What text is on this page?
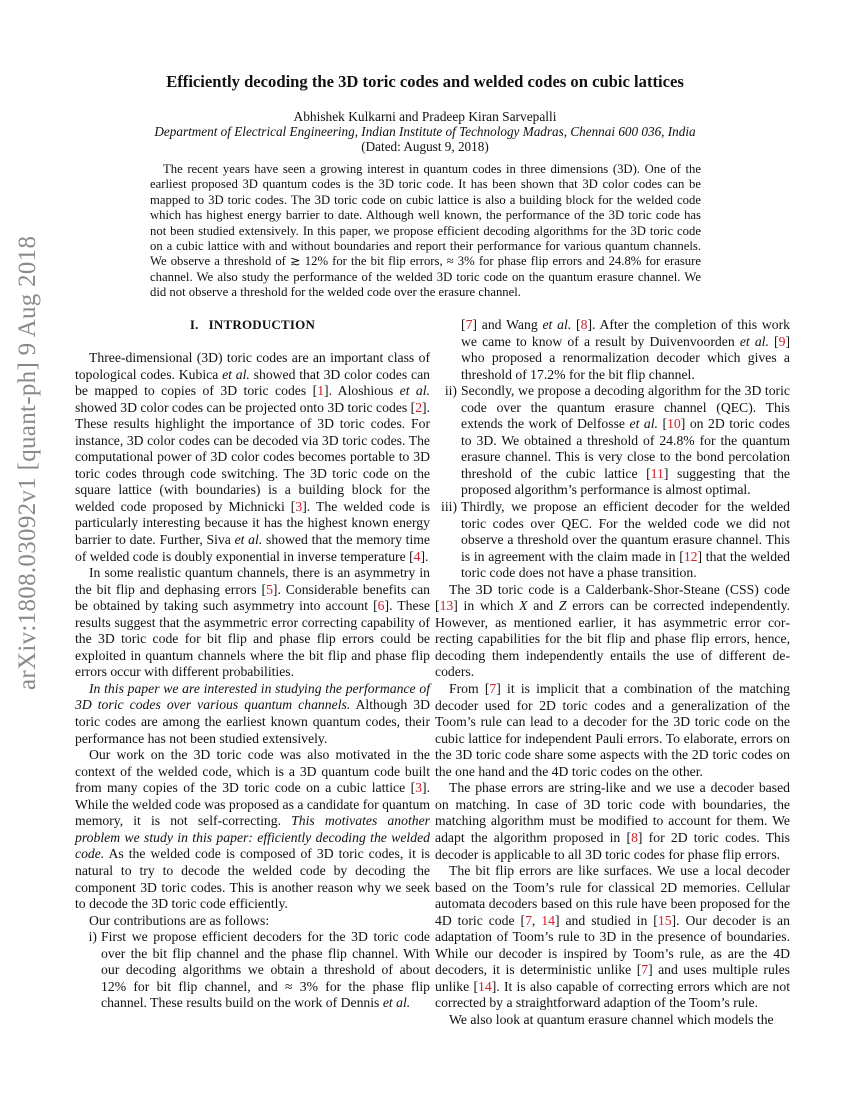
arXiv:1808.03092v1 [quant-ph] 9 Aug 2018
Efficiently decoding the 3D toric codes and welded codes on cubic lattices
Abhishek Kulkarni and Pradeep Kiran Sarvepalli
Department of Electrical Engineering, Indian Institute of Technology Madras, Chennai 600 036, India
(Dated: August 9, 2018)
The recent years have seen a growing interest in quantum codes in three dimensions (3D). One of the earliest proposed 3D quantum codes is the 3D toric code. It has been shown that 3D color codes can be mapped to 3D toric codes. The 3D toric code on cubic lattice is also a building block for the welded code which has highest energy barrier to date. Although well known, the performance of the 3D toric code has not been studied extensively. In this paper, we propose efficient decoding algorithms for the 3D toric code on a cubic lattice with and without boundaries and report their performance for various quantum channels. We observe a threshold of ≳ 12% for the bit flip errors, ≈ 3% for phase flip errors and 24.8% for erasure channel. We also study the performance of the welded 3D toric code on the quantum erasure channel. We did not observe a threshold for the welded code over the erasure channel.
I. INTRODUCTION

Three-dimensional (3D) toric codes are an important class of topological codes. Kubica et al. showed that 3D color codes can be mapped to copies of 3D toric codes [1]. Aloshious et al. showed 3D color codes can be projected onto 3D toric codes [2]. These results highlight the importance of 3D toric codes. For instance, 3D color codes can be decoded via 3D toric codes. The computational power of 3D color codes becomes portable to 3D toric codes through code switching. The 3D toric code on the square lattice (with boundaries) is a building block for the welded code proposed by Michnicki [3]. The welded code is particularly interesting because it has the highest known energy barrier to date. Further, Siva et al. showed that the memory time of welded code is doubly exponential in inverse temperature [4].

In some realistic quantum channels, there is an asymmetry in the bit flip and dephasing errors [5]. Considerable benefits can be obtained by taking such asymmetry into account [6]. These results suggest that the asymmetric error correcting capability of the 3D toric code for bit flip and phase flip errors could be exploited in quantum channels where the bit flip and phase flip errors occur with different probabilities.

In this paper we are interested in studying the performance of 3D toric codes over various quantum channels. Although 3D toric codes are among the earliest known quantum codes, their performance has not been studied extensively.

Our work on the 3D toric code was also motivated in the context of the welded code, which is a 3D quantum code built from many copies of the 3D toric code on a cubic lattice [3]. While the welded code was proposed as a candidate for quantum memory, it is not self-correcting. This motivates another problem we study in this paper: efficiently decoding the welded code. As the welded code is composed of 3D toric codes, it is natural to try to decode the welded code by decoding the component 3D toric codes. This is another reason why we seek to decode the 3D toric code efficiently.

Our contributions are as follows:

i) First we propose efficient decoders for the 3D toric code over the bit flip channel and the phase flip channel. With our decoding algorithms we obtain a threshold of about 12% for bit flip channel, and ≈ 3% for the phase flip channel. These results build on the work of Dennis et al.

[7] and Wang et al. [8]. After the completion of this work we came to know of a result by Duivenvoorden et al. [9] who proposed a renormalization decoder which gives a threshold of 17.2% for the bit flip channel.

ii) Secondly, we propose a decoding algorithm for the 3D toric code over the quantum erasure channel (QEC). This extends the work of Delfosse et al. [10] on 2D toric codes to 3D. We obtained a threshold of 24.8% for the quantum erasure channel. This is very close to the bond percolation threshold of the cubic lattice [11] suggesting that the proposed algorithm’s performance is almost optimal.

iii) Thirdly, we propose an efficient decoder for the welded toric codes over QEC. For the welded code we did not observe a threshold over the quantum erasure channel. This is in agreement with the claim made in [12] that the welded toric code does not have a phase transition.

The 3D toric code is a Calderbank-Shor-Steane (CSS) code [13] in which X and Z errors can be corrected independently. However, as mentioned earlier, it has asymmetric error correcting capabilities for the bit flip and phase flip errors, hence, decoding them independently entails the use of different decoders.

From [7] it is implicit that a combination of the matching decoder used for 2D toric codes and a generalization of the Toom’s rule can lead to a decoder for the 3D toric code on the cubic lattice for independent Pauli errors. To elaborate, errors on the 3D toric code share some aspects with the 2D toric codes on the one hand and the 4D toric codes on the other.

The phase errors are string-like and we use a decoder based on matching. In case of 3D toric code with boundaries, the matching algorithm must be modified to account for them. We adapt the algorithm proposed in [8] for 2D toric codes. This decoder is applicable to all 3D toric codes for phase flip errors.

The bit flip errors are like surfaces. We use a local decoder based on the Toom’s rule for classical 2D memories. Cellular automata decoders based on this rule have been proposed for the 4D toric code [7, 14] and studied in [15]. Our decoder is an adaptation of Toom’s rule to 3D in the presence of boundaries. While our decoder is inspired by Toom’s rule, as are the 4D decoders, it is deterministic unlike [7] and uses multiple rules unlike [14]. It is also capable of correcting errors which are not corrected by a straightforward adaption of the Toom’s rule.

We also look at quantum erasure channel which models the
